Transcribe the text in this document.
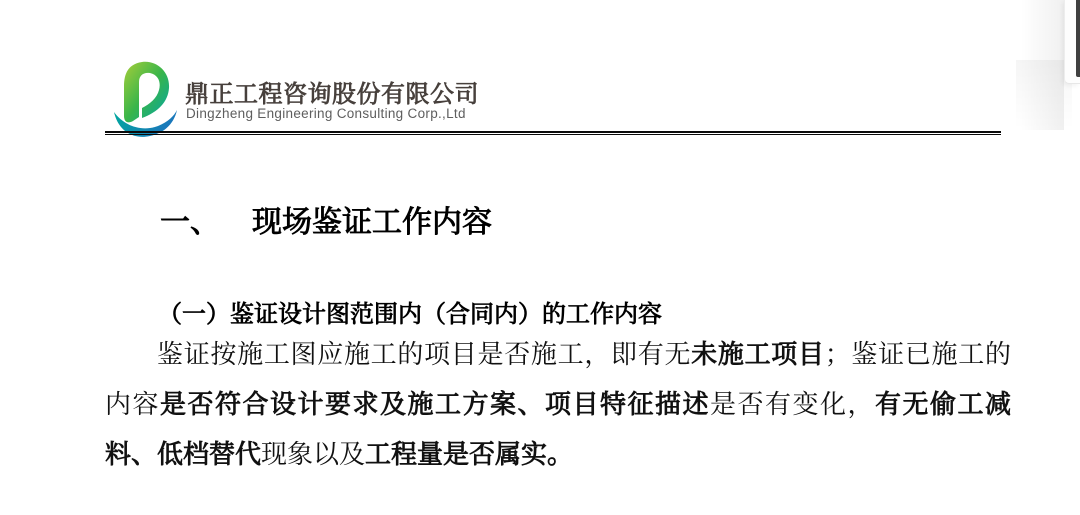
鼎正工程咨询股份有限公司
Dingzheng Engineering Consulting Corp.,Ltd
一、 现场鉴证工作内容
（一）鉴证设计图范围内（合同内）的工作内容
鉴证按施工图应施工的项目是否施工，即有无未施工项目；鉴证已施工的内容是否符合设计要求及施工方案、项目特征描述是否有变化，有无偷工减料、低档替代现象以及工程量是否属实。
